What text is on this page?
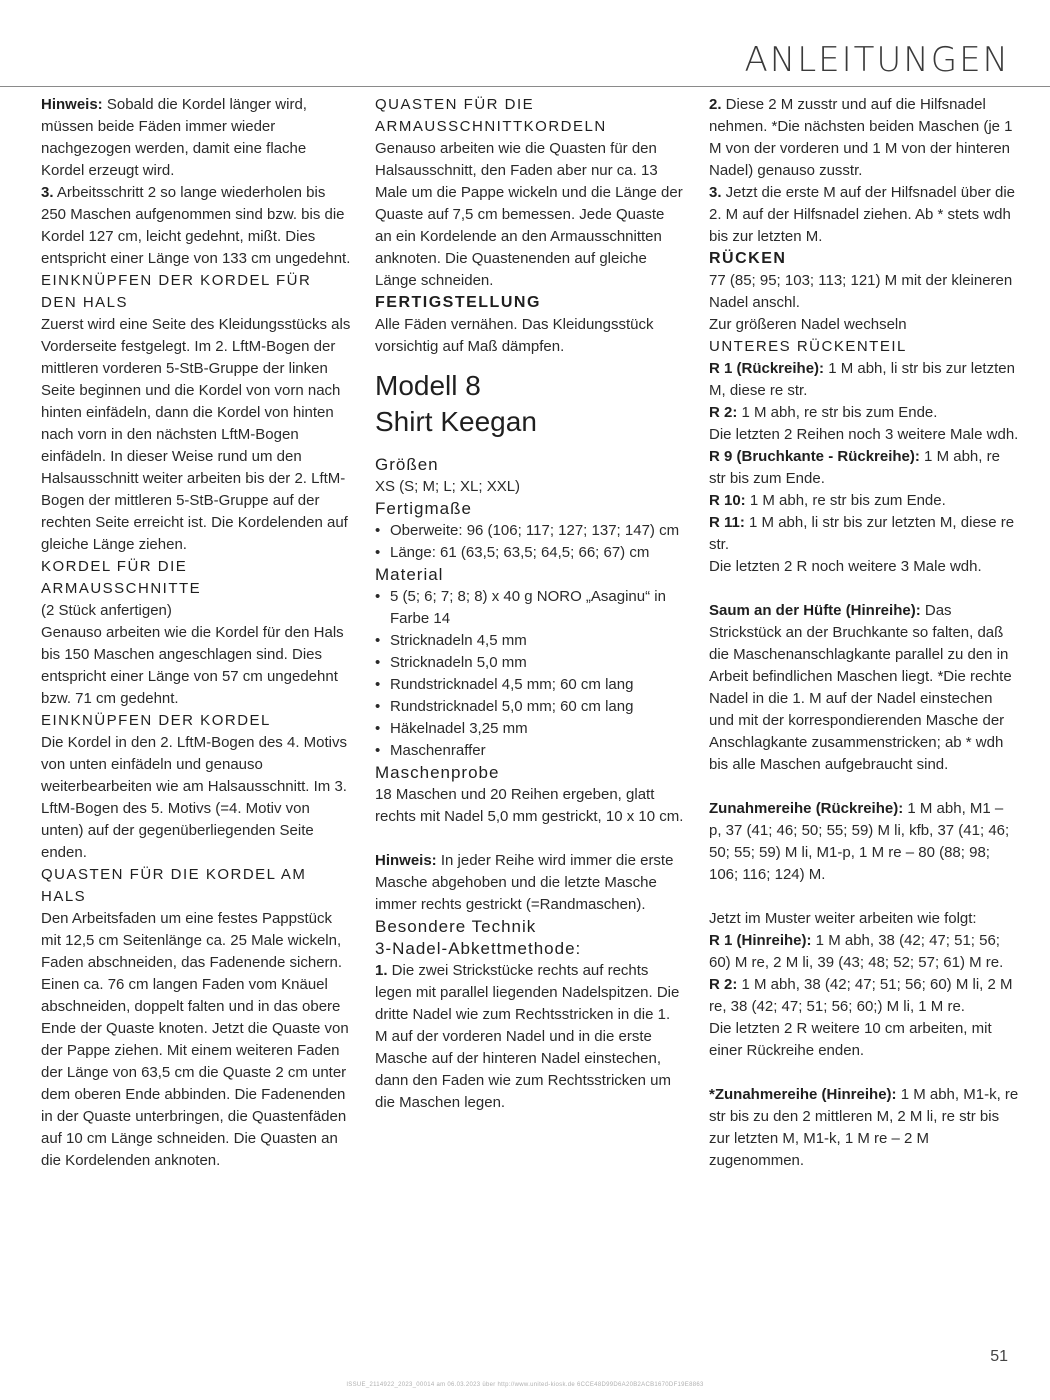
ANLEITUNGEN

Hinweis: Sobald die Kordel länger wird, müssen beide Fäden immer wieder nachgezogen werden, damit eine flache Kordel erzeugt wird.

3. Arbeitsschritt 2 so lange wiederholen bis 250 Maschen aufgenommen sind bzw. bis die Kordel 127 cm, leicht gedehnt, mißt. Dies entspricht einer Länge von 133 cm ungedehnt.

EINKNÜPFEN DER KORDEL FÜR DEN HALS

Zuerst wird eine Seite des Kleidungsstücks als Vorderseite festgelegt. Im 2. LftM-Bogen der mittleren vorderen 5-StB-Gruppe der linken Seite beginnen und die Kordel von vorn nach hinten einfädeln, dann die Kordel von hinten nach vorn in den nächsten LftM-Bogen einfädeln. In dieser Weise rund um den Halsausschnitt weiter arbeiten bis der 2. LftM-Bogen der mittleren 5-StB-Gruppe auf der rechten Seite erreicht ist. Die Kordelenden auf gleiche Länge ziehen.

KORDEL FÜR DIE ARMAUSSCHNITTE

(2 Stück anfertigen)

Genauso arbeiten wie die Kordel für den Hals bis 150 Maschen angeschlagen sind. Dies entspricht einer Länge von 57 cm ungedehnt bzw. 71 cm gedehnt.

EINKNÜPFEN DER KORDEL

Die Kordel in den 2. LftM-Bogen des 4. Motivs von unten einfädeln und genauso weiterbearbeiten wie am Halsausschnitt. Im 3. LftM-Bogen des 5. Motivs (=4. Motiv von unten) auf der gegenüberliegenden Seite enden.

QUASTEN FÜR DIE KORDEL AM HALS

Den Arbeitsfaden um eine festes Pappstück mit 12,5 cm Seitenlänge ca. 25 Male wickeln, Faden abschneiden, das Fadenende sichern.

Einen ca. 76 cm langen Faden vom Knäuel abschneiden, doppelt falten und in das obere Ende der Quaste knoten. Jetzt die Quaste von der Pappe ziehen. Mit einem weiteren Faden der Länge von 63,5 cm die Quaste 2 cm unter dem oberen Ende abbinden. Die Fadenenden in der Quaste unterbringen, die Quastenfäden auf 10 cm Länge schneiden. Die Quasten an die Kordelenden anknoten.

QUASTEN FÜR DIE ARMAUSSCHNITTKORDELN

Genauso arbeiten wie die Quasten für den Halsausschnitt, den Faden aber nur ca. 13 Male um die Pappe wickeln und die Länge der Quaste auf 7,5 cm bemessen. Jede Quaste an ein Kordelende an den Armausschnitten anknoten. Die Quastenenden auf gleiche Länge schneiden.

FERTIGSTELLUNG

Alle Fäden vernähen. Das Kleidungsstück vorsichtig auf Maß dämpfen.

Modell 8
Shirt Keegan
Größen

XS (S; M; L; XL; XXL)

Fertigmaße
• Oberweite: 96 (106; 117; 127; 137; 147) cm
• Länge: 61 (63,5; 63,5; 64,5; 66; 67) cm
Material
• 5 (5; 6; 7; 8; 8) x 40 g NORO „Asaginu“ in Farbe 14
• Stricknadeln 4,5 mm
• Stricknadeln 5,0 mm
• Rundstricknadel 4,5 mm; 60 cm lang
• Rundstricknadel 5,0 mm; 60 cm lang
• Häkelnadel 3,25 mm
• Maschenraffer
Maschenprobe

18 Maschen und 20 Reihen ergeben, glatt rechts mit Nadel 5,0 mm gestrickt, 10 x 10 cm.

Hinweis: In jeder Reihe wird immer die erste Masche abgehoben und die letzte Masche immer rechts gestrickt (=Randmaschen).

Besondere Technik
3-Nadel-Abkettmethode:

1. Die zwei Strickstücke rechts auf rechts legen mit parallel liegenden Nadelspitzen. Die dritte Nadel wie zum Rechtsstricken in die 1. M auf der vorderen Nadel und in die erste Masche auf der hinteren Nadel einstechen, dann den Faden wie zum Rechtsstricken um die Maschen legen.

2. Diese 2 M zusstr und auf die Hilfsnadel nehmen. *Die nächsten beiden Maschen (je 1 M von der vorderen und 1 M von der hinteren Nadel) genauso zusstr.

3. Jetzt die erste M auf der Hilfsnadel über die 2. M auf der Hilfsnadel ziehen. Ab * stets wdh bis zur letzten M.

RÜCKEN

77 (85; 95; 103; 113; 121) M mit der kleineren Nadel anschl.

Zur größeren Nadel wechseln

UNTERES RÜCKENTEIL

R 1 (Rückreihe): 1 M abh, li str bis zur letzten M, diese re str.

R 2: 1 M abh, re str bis zum Ende.

Die letzten 2 Reihen noch 3 weitere Male wdh.

R 9 (Bruchkante - Rückreihe): 1 M abh, re str bis zum Ende.

R 10: 1 M abh, re str bis zum Ende.

R 11: 1 M abh, li str bis zur letzten M, diese re str.

Die letzten 2 R noch weitere 3 Male wdh.

Saum an der Hüfte (Hinreihe): Das Strickstück an der Bruchkante so falten, daß die Maschenanschlagkante parallel zu den in Arbeit befindlichen Maschen liegt. *Die rechte Nadel in die 1. M auf der Nadel einstechen und mit der korrespondierenden Masche der Anschlagkante zusammenstricken; ab * wdh bis alle Maschen aufgebraucht sind.

Zunahmereihe (Rückreihe): 1 M abh, M1 – p, 37 (41; 46; 50; 55; 59) M li, kfb, 37 (41; 46; 50; 55; 59) M li, M1-p, 1 M re – 80 (88; 98; 106; 116; 124) M.

Jetzt im Muster weiter arbeiten wie folgt:

R 1 (Hinreihe): 1 M abh, 38 (42; 47; 51; 56; 60) M re, 2 M li, 39 (43; 48; 52; 57; 61) M re.

R 2: 1 M abh, 38 (42; 47; 51; 56; 60) M li, 2 M re, 38 (42; 47; 51; 56; 60;) M li, 1 M re.

Die letzten 2 R weitere 10 cm arbeiten, mit einer Rückreihe enden.

*Zunahmereihe (Hinreihe): 1 M abh, M1-k, re str bis zu den 2 mittleren M, 2 M li, re str bis zur letzten M, M1-k, 1 M re – 2 M zugenommen.

51
ISSUE_2114922_2023_00014 am 06.03.2023 über http://www.united-kiosk.de 6CCE48D99D6A20B2ACB1670DF19E8863
